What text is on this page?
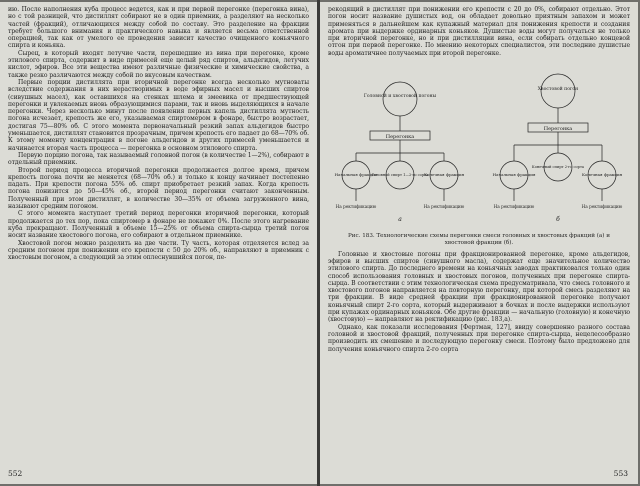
ию. После наполнения куба процесс ведется, как и при первой перегонке (перегонка вина), но с той разницей, что дистиллят собирают не в один приемник, а разделяют на несколько частей (фракций), отличающихся между собой по составу. Это разделение на фракции требует большого внимания и практического навыка и является весьма ответственной операцией, так как от умелого ее проведения зависит качество очищенного коньячного спирта и коньяка.

Сырец, в который входят летучие части, перешедшие из вина при перегонке, кроме этилового спирта, содержит в виде примесей еще целый ряд спиртов, альдегидов, летучих кислот, эфиров. Все эти вещества имеют различные физические и химические свойства, а также резко различаются между собой по вкусовым качествам.

Первые порции дистиллята при вторичной перегонке всегда несколько мутноваты вследствие содержания в них нерастворимых в воде эфирных масел и высших спиртов (сивушных масел), как оставшихся на стенках шлема и змеевика от предшествующей перегонки и увлекаемых вновь образующимися парами, так и вновь выделяющихся в начале перегонки. Через несколько минут после появления первых капель дистиллята мутность погона исчезает, крепость же его, указываемая спиртомером в фонаре, быстро возрастает, достигая 75—80% об. С этого момента первоначальный резкий запах альдегидов быстро уменьшается, дистиллят становится прозрачным, причем крепость его падает до 68—70% об. К этому моменту концентрация в погоне альдегидов и других примесей уменьшается и начинается вторая часть процесса — перегонка в основном этилового спирта.

Первую порцию погона, так называемый головной погон (в количестве 1—2%), собирают в отдельный приемник.

Второй период процесса вторичной перегонки продолжается долгое время, причем крепость погона почти не меняется (68—70% об.) и только к концу начинает постепенно падать. При крепости погона 55% об. спирт приобретает резкий запах. Когда крепость погона понизится до 50—45% об., второй период перегонки считают законченным. Полученный при этом дистиллят, в количестве 30—35% от объема загруженного вина, называют средним погоном.

С этого момента наступает третий период перегонки вторичной перегонки, который продолжается до тех пор, пока спиртомер в фонаре не покажет 0%. После этого нагревание куба прекращают. Полученный в объеме 15—25% от объема спирта-сырца третий погон носит название хвостового погона, его собирают в отдельном приемнике.

Хвостовой погон можно разделить на две части. Ту часть, которая отделяется вслед за средним погоном при понижении его крепости с 50 до 20% об., направляют в приемник с хвостовым погоном, а следующий за этим оплеснувшийся погон, пе-

552

рекодящий в дистиллят при понижении его крепости с 20 до 0%, собирают отдельно. Этот погон носит название душистых вод, он обладает довольно приятным запахом и может применяться в дальнейшем как купажный материал для понижения крепости и создания аромата при выдержке ординарных коньяков. Душистые воды могут получаться не только при вторичной перегонке, но и при дистилляции вина, если собирать отдельно концевой отгон при первой перегонке. По мнению некоторых специалистов, эти последние душистые воды ароматичнее получаемых при второй перегонке.

Головной и хвостовой погоны
Перегонка
Начальная фракция
Головной спирт 1—2-го сорта
Конечная фракция
На ректификацию	На ректификацию
а
Хвостовой погон
Перегонка
Начальная фракция
Конечный спирт 2-го сорта
Конечная фракция
На ректификацию	На ректификацию
б

Рис. 183. Технологические схемы перегонки смеси головных и хвостовых фракций (а) и хвостовой фракции (б).

Головные и хвостовые погоны при фракционированной перегонке, кроме альдегидов, эфиров и высших спиртов (сивушного масла), содержат еще значительное количество этилового спирта. До последнего времени на коньячных заводах практиковался только один способ использования головных и хвостовых погонов, полученных при перегонке спирта-сырца. В соответствии с этим технологическая схема предусматривала, что смесь головного и хвостового погонов направляется на повторную перегонку, при которой смесь разделяют на три фракции. В виде средней фракции при фракционированной перегонке получают коньячный спирт 2-го сорта, который выдерживают в бочках и после выдержки используют при купажах ординарных коньяков. Обе другие фракции — начальную (головную) и конечную (хвостовую) — направляют на ректификацию (рис. 183,а).

Однако, как показали исследования [Фертман, 127], ввиду совершенно разного состава головной и хвостовой фракций, полученных при перегонке спирта-сырца, нецелесообразно производить их смешение и последующую перегонку смеси. Поэтому было предложено для получения коньячного спирта 2-го сорта

553
